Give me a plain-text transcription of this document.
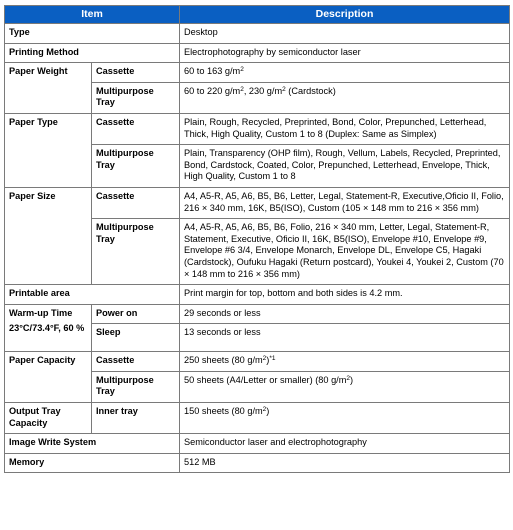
Item		Description
Type		Desktop
Printing Method		Electrophotography by semiconductor laser
Paper Weight	Cassette	60 to 163 $g/m^2$
	Multipurpose Tray	60 to 220 $g/m^2$, 230 $g/m^2$ (Cardstock)
Paper Type	Cassette	Plain, Rough, Recycled, Preprinted, Bond, Color, Prepunched, Letterhead, Thick, High Quality, Custom 1 to 8 (Duplex: Same as Simplex)
	Multipurpose Tray	Plain, Transparency (OHP film), Rough, Vellum, Labels, Recycled, Preprinted, Bond, Cardstock, Coated, Color, Prepunched, Letterhead, Envelope, Thick, High Quality, Custom 1 to 8
Paper Size	Cassette	A4, A5-R, A5, A6, B5, B6, Letter, Legal, Statement-R, Executive,Oficio II, Folio, 216 × 340 mm, 16K, B5(ISO), Custom (105 × 148 mm to 216 × 356 mm)
	Multipurpose Tray	A4, A5-R, A5, A6, B5, B6, Folio, 216 × 340 mm, Letter, Legal, Statement-R, Statement, Executive, Oficio II, 16K, B5(ISO), Envelope #10, Envelope #9, Envelope #6 3/4, Envelope Monarch, Envelope DL, Envelope C5, Hagaki (Cardstock), Oufuku Hagaki (Return postcard), Youkei 4, Youkei 2, Custom (70 × 148 mm to 216 × 356 mm)
Printable area		Print margin for top, bottom and both sides is 4.2 mm.

Warm-up Time
23°C/73.4°F, 60 %	Power on	29 seconds or less
	Sleep	13 seconds or less
Paper Capacity	Cassette	250 sheets (80 $g/m^2)^{*1}$
	Multipurpose Tray	50 sheets (A4/Letter or smaller) (80 $g/m^2$)
Output Tray Capacity	Inner tray	150 sheets (80 $g/m^2$)
Image Write System		Semiconductor laser and electrophotography
Memory		512 MB
